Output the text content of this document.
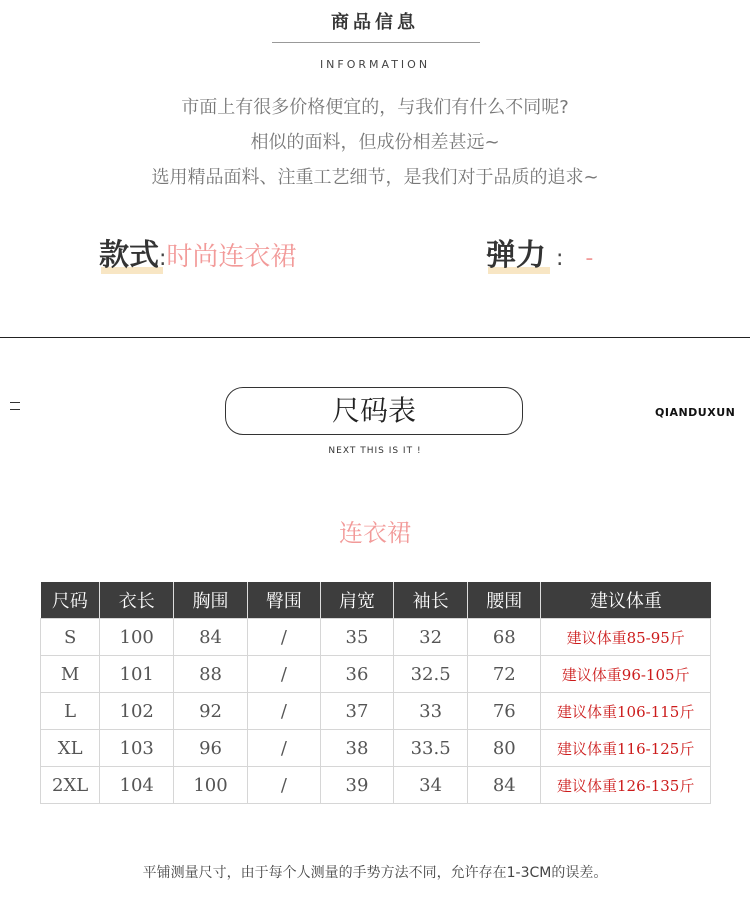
商品信息
INFORMATION
市面上有很多价格便宜的，与我们有什么不同呢?
相似的面料，但成份相差甚远~
选用精品面料、注重工艺细节，是我们对于品质的追求~
款式:时尚连衣裙	弹力 : -
尺码表	QIANDUXUN
NEXT THIS IS IT !
连衣裙
尺码	衣长	胸围	臀围	肩宽	袖长	腰围	建议体重
S	100	84	/	35	32	68	建议体重85-95斤
M	101	88	/	36	32.5	72	建议体重96-105斤
L	102	92	/	37	33	76	建议体重106-115斤
XL	103	96	/	38	33.5	80	建议体重116-125斤
2XL	104	100	/	39	34	84	建议体重126-135斤
平铺测量尺寸，由于每个人测量的手势方法不同，允许存在1-3CM的误差。
